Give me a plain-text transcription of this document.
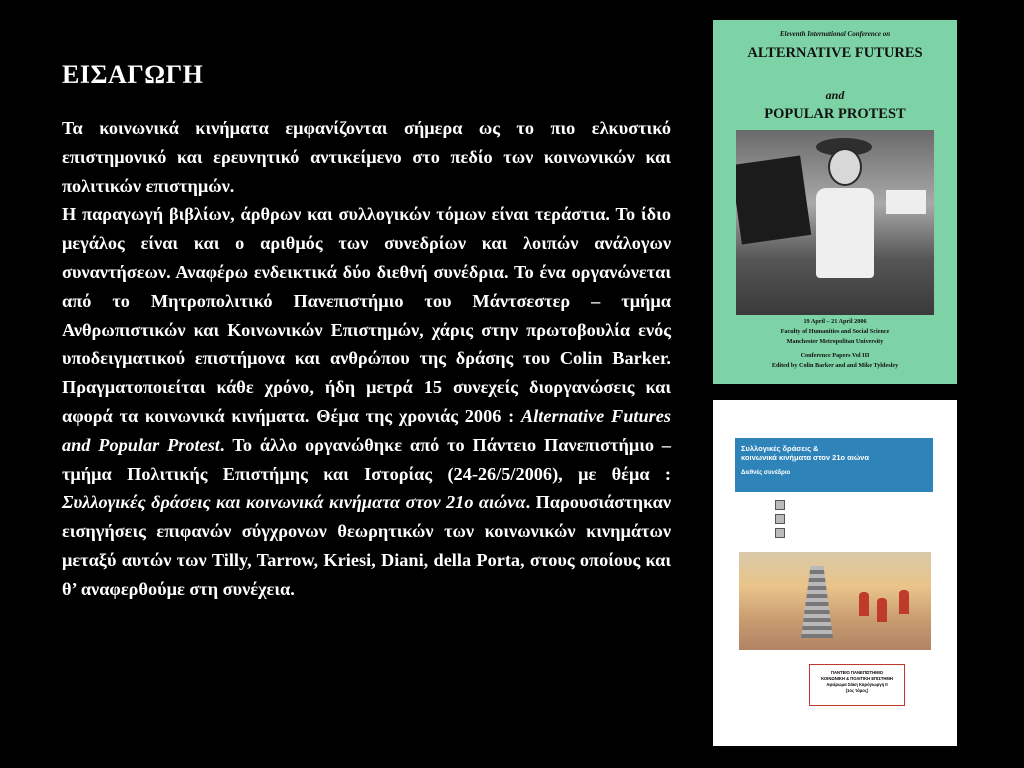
ΕΙΣΑΓΩΓΗ

Τα κοινωνικά κινήματα εμφανίζονται σήμερα ως το πιο ελκυστικό επιστημονικό και ερευνητικό αντικείμενο στο πεδίο των κοινωνικών και πολιτικών επιστημών.

Η παραγωγή βιβλίων, άρθρων και συλλογικών τόμων είναι τεράστια. Το ίδιο μεγάλος είναι και ο αριθμός των συνεδρίων και λοιπών ανάλογων συναντήσεων. Αναφέρω ενδεικτικά δύο διεθνή συνέδρια. Το ένα οργανώνεται από το Μητροπολιτικό Πανεπιστήμιο του Μάντσεστερ – τμήμα Ανθρωπιστικών και Κοινωνικών Επιστημών, χάρις στην πρωτοβουλία ενός υποδειγματικού επιστήμονα και ανθρώπου της δράσης του Colin Barker. Πραγματοποιείται κάθε χρόνο, ήδη μετρά 15 συνεχείς διοργανώσεις και αφορά τα κοινωνικά κινήματα. Θέμα της χρονιάς 2006 : Alternative Futures and Popular Protest. Το άλλο οργανώθηκε από το Πάντειο Πανεπιστήμιο – τμήμα Πολιτικής Επιστήμης και Ιστορίας (24-26/5/2006), με θέμα : Συλλογικές δράσεις και κοινωνικά κινήματα στον 21ο αιώνα. Παρουσιάστηκαν εισηγήσεις επιφανών σύγχρονων θεωρητικών των κοινωνικών κινημάτων μεταξύ αυτών των Tilly, Tarrow, Kriesi, Diani, della Porta, στους οποίους και θ’ αναφερθούμε στη συνέχεια.

Eleventh International Conference on
ALTERNATIVE FUTURES
and
POPULAR PROTEST
19 April – 21 April 2006
Faculty of Humanities and Social Science
Manchester Metropolitan University
Conference Papers Vol III
Edited by Colin Barker and and Mike Tyldesley
Συλλογικές δράσεις &
κοινωνικά κινήματα στον 21ο αιώνα
Διεθνές συνέδριο
ΠΑΝΤΕΙΟ ΠΑΝΕΠΙΣΤΗΜΙΟ
ΚΟΙΝΩΝΙΚΗ & ΠΟΛΙΤΙΚΗ ΕΠΙΣΤΗΜΗ
Αφιέρωμα Σάκη Καρόγιωργη ΙΙ
(1ος τόμος)
